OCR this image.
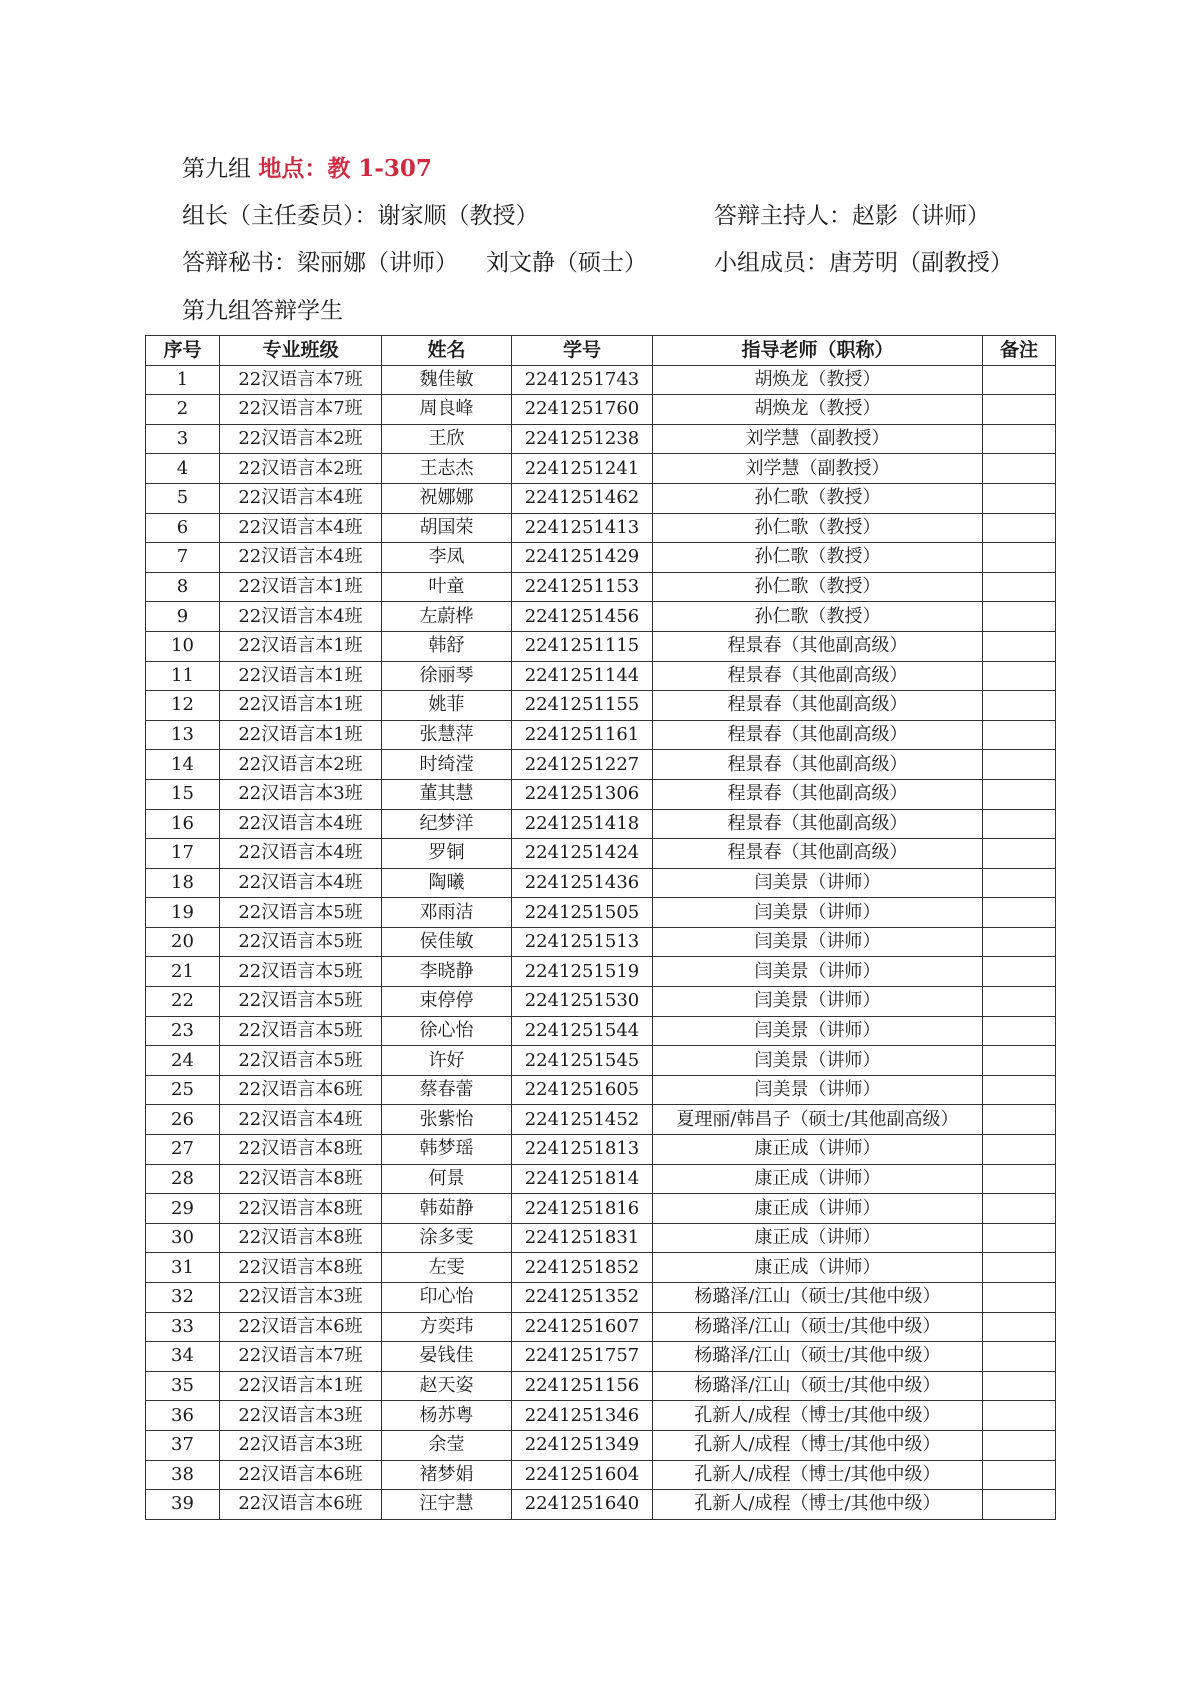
第九组 地点：教 1-307
组长（主任委员）：谢家顺（教授）	答辩主持人：赵影（讲师）
答辩秘书：梁丽娜（讲师） 刘文静（硕士）	小组成员：唐芳明（副教授）
第九组答辩学生
序号	专业班级	姓名	学号	指导老师（职称）	备注
1	22汉语言本7班	魏佳敏	2241251743	胡焕龙（教授）	
2	22汉语言本7班	周良峰	2241251760	胡焕龙（教授）	
3	22汉语言本2班	王欣	2241251238	刘学慧（副教授）	
4	22汉语言本2班	王志杰	2241251241	刘学慧（副教授）	
5	22汉语言本4班	祝娜娜	2241251462	孙仁歌（教授）	
6	22汉语言本4班	胡国荣	2241251413	孙仁歌（教授）	
7	22汉语言本4班	李凤	2241251429	孙仁歌（教授）	
8	22汉语言本1班	叶童	2241251153	孙仁歌（教授）	
9	22汉语言本4班	左蔚桦	2241251456	孙仁歌（教授）	
10	22汉语言本1班	韩舒	2241251115	程景春（其他副高级）	
11	22汉语言本1班	徐丽琴	2241251144	程景春（其他副高级）	
12	22汉语言本1班	姚菲	2241251155	程景春（其他副高级）	
13	22汉语言本1班	张慧萍	2241251161	程景春（其他副高级）	
14	22汉语言本2班	时绮滢	2241251227	程景春（其他副高级）	
15	22汉语言本3班	董其慧	2241251306	程景春（其他副高级）	
16	22汉语言本4班	纪梦洋	2241251418	程景春（其他副高级）	
17	22汉语言本4班	罗铜	2241251424	程景春（其他副高级）	
18	22汉语言本4班	陶曦	2241251436	闫美景（讲师）	
19	22汉语言本5班	邓雨洁	2241251505	闫美景（讲师）	
20	22汉语言本5班	侯佳敏	2241251513	闫美景（讲师）	
21	22汉语言本5班	李晓静	2241251519	闫美景（讲师）	
22	22汉语言本5班	束停停	2241251530	闫美景（讲师）	
23	22汉语言本5班	徐心怡	2241251544	闫美景（讲师）	
24	22汉语言本5班	许好	2241251545	闫美景（讲师）	
25	22汉语言本6班	蔡春蕾	2241251605	闫美景（讲师）	
26	22汉语言本4班	张紫怡	2241251452	夏理丽/韩昌子（硕士/其他副高级）	
27	22汉语言本8班	韩梦瑶	2241251813	康正成（讲师）	
28	22汉语言本8班	何景	2241251814	康正成（讲师）	
29	22汉语言本8班	韩茹静	2241251816	康正成（讲师）	
30	22汉语言本8班	涂多雯	2241251831	康正成（讲师）	
31	22汉语言本8班	左雯	2241251852	康正成（讲师）	
32	22汉语言本3班	印心怡	2241251352	杨璐泽/江山（硕士/其他中级）	
33	22汉语言本6班	方奕玮	2241251607	杨璐泽/江山（硕士/其他中级）	
34	22汉语言本7班	晏钱佳	2241251757	杨璐泽/江山（硕士/其他中级）	
35	22汉语言本1班	赵天姿	2241251156	杨璐泽/江山（硕士/其他中级）	
36	22汉语言本3班	杨苏粤	2241251346	孔新人/成程（博士/其他中级）	
37	22汉语言本3班	余莹	2241251349	孔新人/成程（博士/其他中级）	
38	22汉语言本6班	褚梦娟	2241251604	孔新人/成程（博士/其他中级）	
39	22汉语言本6班	汪宇慧	2241251640	孔新人/成程（博士/其他中级）	
